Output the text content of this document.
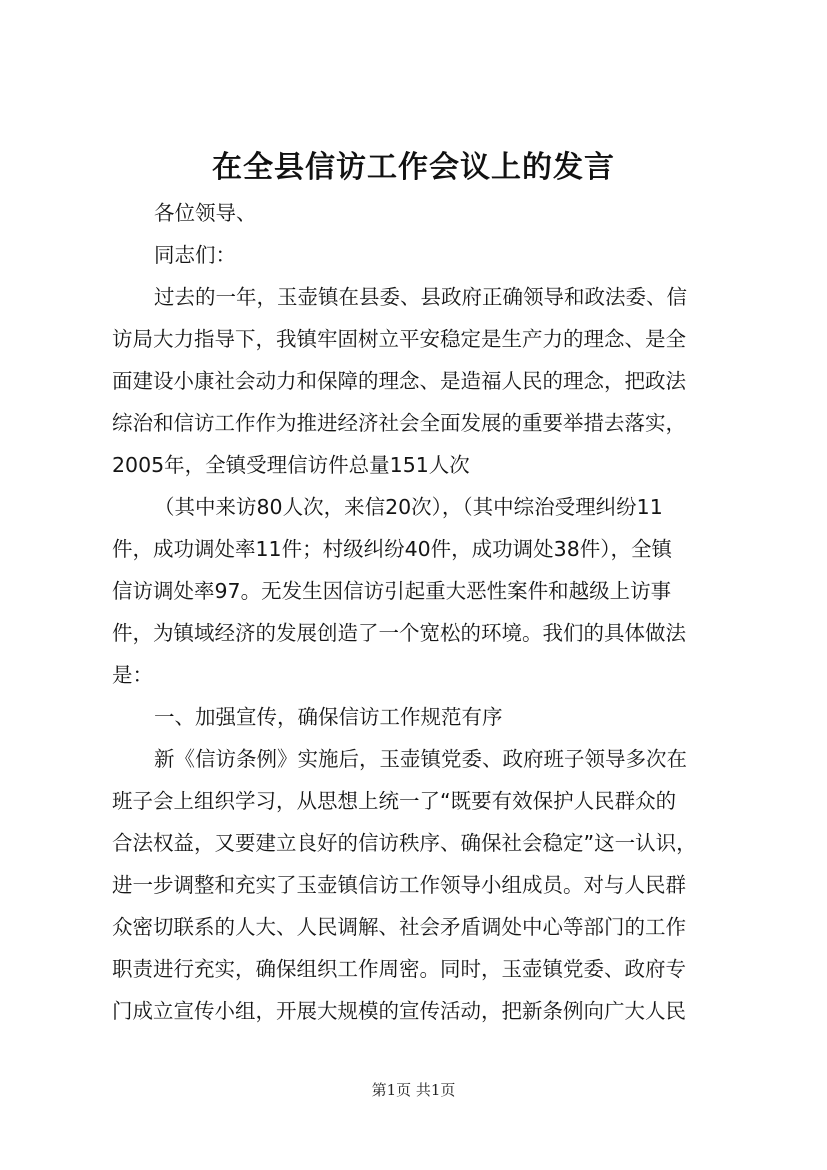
在全县信访工作会议上的发言
各位领导、
同志们：
过去的一年，玉壶镇在县委、县政府正确领导和政法委、信
访局大力指导下，我镇牢固树立平安稳定是生产力的理念、是全
面建设小康社会动力和保障的理念、是造福人民的理念，把政法
综治和信访工作作为推进经济社会全面发展的重要举措去落实，
2005年，全镇受理信访件总量151人次
（其中来访80人次，来信20次），（其中综治受理纠纷11
件，成功调处率11件；村级纠纷40件，成功调处38件），全镇
信访调处率97。无发生因信访引起重大恶性案件和越级上访事
件，为镇域经济的发展创造了一个宽松的环境。我们的具体做法
是：
一、加强宣传，确保信访工作规范有序
新《信访条例》实施后，玉壶镇党委、政府班子领导多次在
班子会上组织学习，从思想上统一了“既要有效保护人民群众的
合法权益，又要建立良好的信访秩序、确保社会稳定”这一认识，
进一步调整和充实了玉壶镇信访工作领导小组成员。对与人民群
众密切联系的人大、人民调解、社会矛盾调处中心等部门的工作
职责进行充实，确保组织工作周密。同时，玉壶镇党委、政府专
门成立宣传小组，开展大规模的宣传活动，把新条例向广大人民
第1页 共1页
